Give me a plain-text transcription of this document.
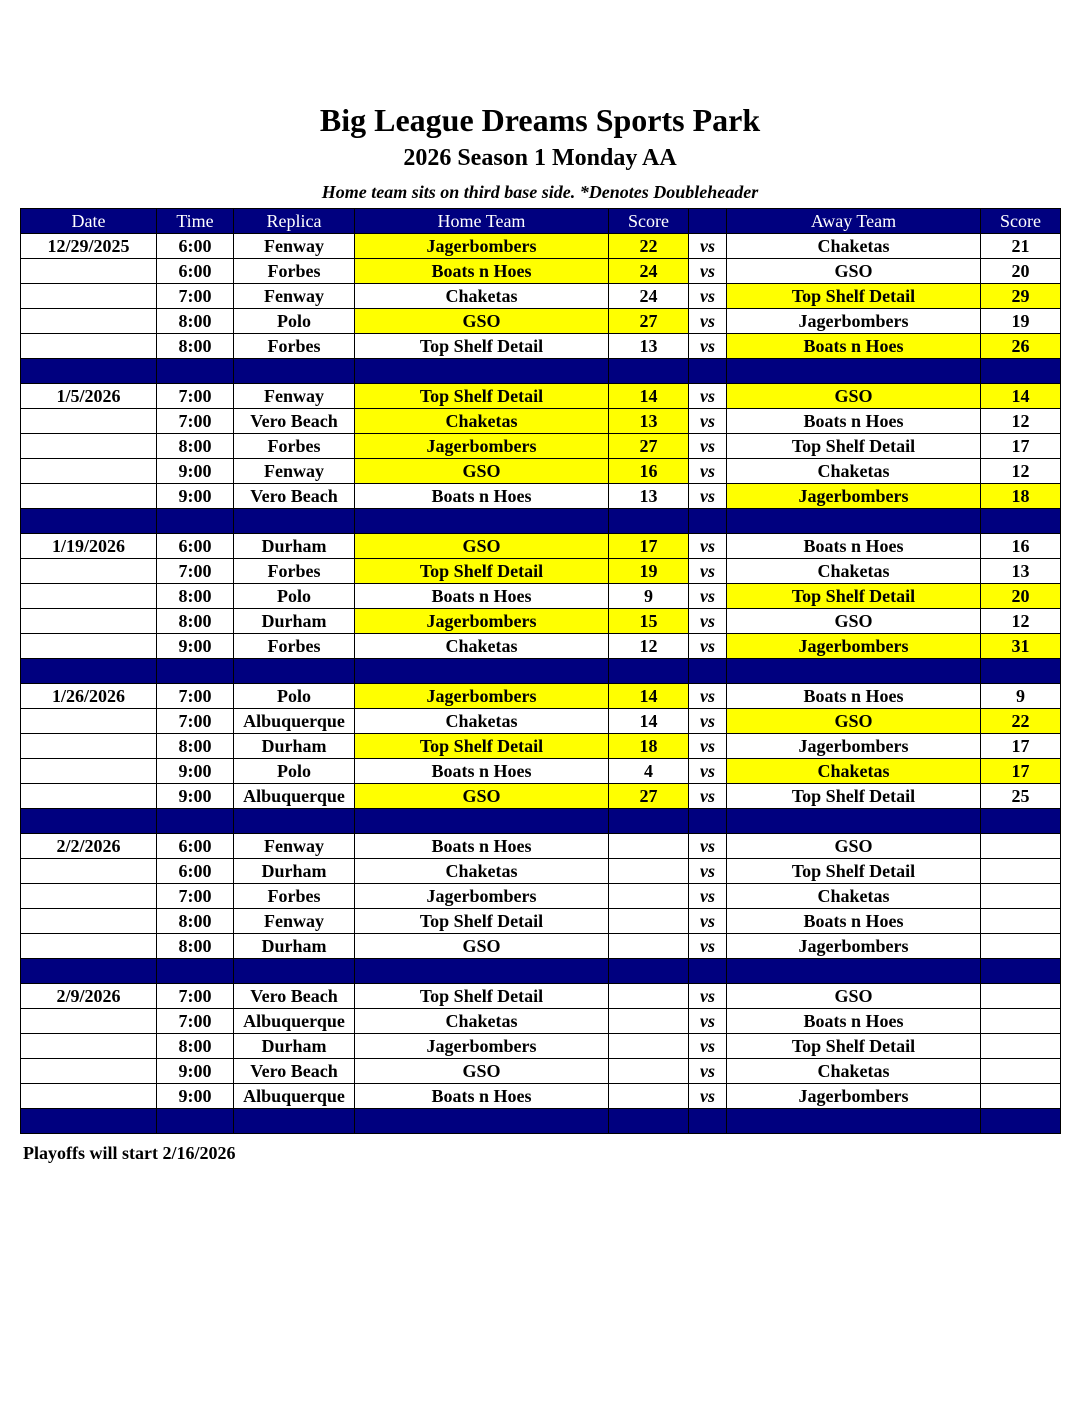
Big League Dreams Sports Park
2026 Season 1 Monday AA
Home team sits on third base side. *Denotes Doubleheader
Date	Time	Replica	Home Team	Score		Away Team	Score
12/29/2025	6:00	Fenway	Jagerbombers	22	vs	Chaketas	21
	6:00	Forbes	Boats n Hoes	24	vs	GSO	20
	7:00	Fenway	Chaketas	24	vs	Top Shelf Detail	29
	8:00	Polo	GSO	27	vs	Jagerbombers	19
	8:00	Forbes	Top Shelf Detail	13	vs	Boats n Hoes	26

1/5/2026	7:00	Fenway	Top Shelf Detail	14	vs	GSO	14
	7:00	Vero Beach	Chaketas	13	vs	Boats n Hoes	12
	8:00	Forbes	Jagerbombers	27	vs	Top Shelf Detail	17
	9:00	Fenway	GSO	16	vs	Chaketas	12
	9:00	Vero Beach	Boats n Hoes	13	vs	Jagerbombers	18

1/19/2026	6:00	Durham	GSO	17	vs	Boats n Hoes	16
	7:00	Forbes	Top Shelf Detail	19	vs	Chaketas	13
	8:00	Polo	Boats n Hoes	9	vs	Top Shelf Detail	20
	8:00	Durham	Jagerbombers	15	vs	GSO	12
	9:00	Forbes	Chaketas	12	vs	Jagerbombers	31

1/26/2026	7:00	Polo	Jagerbombers	14	vs	Boats n Hoes	9
	7:00	Albuquerque	Chaketas	14	vs	GSO	22
	8:00	Durham	Top Shelf Detail	18	vs	Jagerbombers	17
	9:00	Polo	Boats n Hoes	4	vs	Chaketas	17
	9:00	Albuquerque	GSO	27	vs	Top Shelf Detail	25

2/2/2026	6:00	Fenway	Boats n Hoes		vs	GSO	
	6:00	Durham	Chaketas		vs	Top Shelf Detail	
	7:00	Forbes	Jagerbombers		vs	Chaketas	
	8:00	Fenway	Top Shelf Detail		vs	Boats n Hoes	
	8:00	Durham	GSO		vs	Jagerbombers	

2/9/2026	7:00	Vero Beach	Top Shelf Detail		vs	GSO	
	7:00	Albuquerque	Chaketas		vs	Boats n Hoes	
	8:00	Durham	Jagerbombers		vs	Top Shelf Detail	
	9:00	Vero Beach	GSO		vs	Chaketas	
	9:00	Albuquerque	Boats n Hoes		vs	Jagerbombers	

Playoffs will start 2/16/2026
